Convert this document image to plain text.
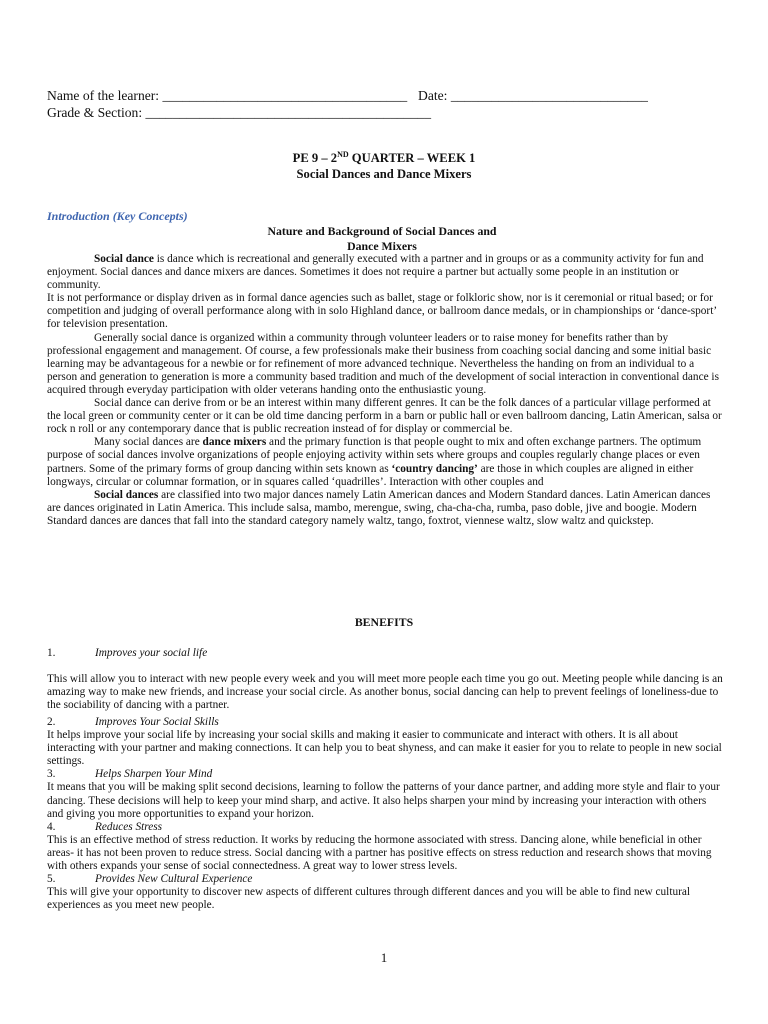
Name of the learner: ____________________________________ Date: _____________________________
Grade & Section: __________________________________________
PE 9 – 2ND QUARTER – WEEK 1
Social Dances and Dance Mixers
Introduction (Key Concepts)
Nature and Background of Social Dances and
Dance Mixers

Social dance is dance which is recreational and generally executed with a partner and in groups or as a community activity for fun and enjoyment. Social dances and dance mixers are dances. Sometimes it does not require a partner but actually some people in an institution or community.

It is not performance or display driven as in formal dance agencies such as ballet, stage or folkloric show, nor is it ceremonial or ritual based; or for competition and judging of overall performance along with in solo Highland dance, or ballroom dance medals, or in championships or ‘dance-sport’ for television presentation.

Generally social dance is organized within a community through volunteer leaders or to raise money for benefits rather than by professional engagement and management. Of course, a few professionals make their business from coaching social dancing and some initial basic learning may be advantageous for a newbie or for refinement of more advanced technique. Nevertheless the handing on from an individual to a person and generation to generation is more a community based tradition and much of the development of social interaction in conventional dance is acquired through everyday participation with older veterans handing onto the enthusiastic young.

Social dance can derive from or be an interest within many different genres. It can be the folk dances of a particular village performed at the local green or community center or it can be old time dancing perform in a barn or public hall or even ballroom dancing, Latin American, salsa or rock n roll or any contemporary dance that is public recreation instead of for display or commercial be.

Many social dances are dance mixers and the primary function is that people ought to mix and often exchange partners. The optimum purpose of social dances involve organizations of people enjoying activity within sets where groups and couples regularly change places or even partners. Some of the primary forms of group dancing within sets known as ‘country dancing’ are those in which couples are aligned in either longways, circular or columnar formation, or in squares called ‘quadrilles’. Interaction with other couples and

Social dances are classified into two major dances namely Latin American dances and Modern Standard dances. Latin American dances are dances originated in Latin America. This include salsa, mambo, merengue, swing, cha-cha-cha, rumba, paso doble, jive and boogie. Modern Standard dances are dances that fall into the standard category namely waltz, tango, foxtrot, viennese waltz, slow waltz and quickstep.

BENEFITS
1.	Improves your social life

This will allow you to interact with new people every week and you will meet more people each time you go out. Meeting people while dancing is an amazing way to make new friends, and increase your social circle. As another bonus, social dancing can help to prevent feelings of loneliness-due to the sociability of dancing with a partner.

2.	Improves Your Social Skills

It helps improve your social life by increasing your social skills and making it easier to communicate and interact with others. It is all about interacting with your partner and making connections. It can help you to beat shyness, and can make it easier for you to relate to people in new social settings.

3.	Helps Sharpen Your Mind

It means that you will be making split second decisions, learning to follow the patterns of your dance partner, and adding more style and flair to your dancing. These decisions will help to keep your mind sharp, and active. It also helps sharpen your mind by increasing your interaction with others and giving you more opportunities to expand your horizon.

4.	Reduces Stress

This is an effective method of stress reduction. It works by reducing the hormone associated with stress. Dancing alone, while beneficial in other areas- it has not been proven to reduce stress. Social dancing with a partner has positive effects on stress reduction and research shows that moving with others expands your sense of social connectedness. A great way to lower stress levels.

5.	Provides New Cultural Experience

This will give your opportunity to discover new aspects of different cultures through different dances and you will be able to find new cultural experiences as you meet new people.

1
